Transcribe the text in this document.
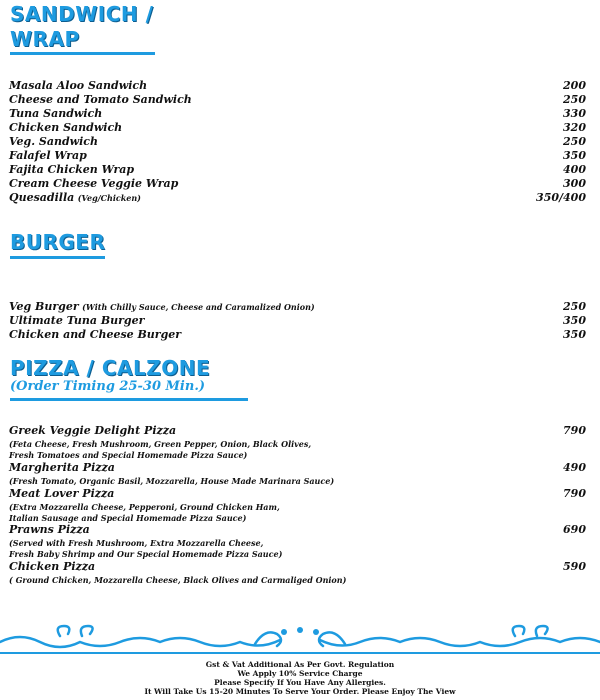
SANDWICH /
WRAP
Masala Aloo Sandwich	200
Cheese and Tomato Sandwich	250
Tuna Sandwich	330
Chicken Sandwich	320
Veg. Sandwich	250
Falafel Wrap	350
Fajita Chicken Wrap	400
Cream Cheese Veggie Wrap	300
Quesadilla (Veg/Chicken)	350/400
BURGER
Veg Burger (With Chilly Sauce, Cheese and Caramalized Onion)	250
Ultimate Tuna Burger	350
Chicken and Cheese Burger	350
PIZZA / CALZONE
(Order Timing 25-30 Min.)
Greek Veggie Delight Pizza	790
(Feta Cheese, Fresh Mushroom, Green Pepper, Onion, Black Olives,
Fresh Tomatoes and Special Homemade Pizza Sauce)
Margherita Pizza	490
(Fresh Tomato, Organic Basil, Mozzarella, House Made Marinara Sauce)
Meat Lover Pizza	790
(Extra Mozzarella Cheese, Pepperoni, Ground Chicken Ham,
Italian Sausage and Special Homemade Pizza Sauce)
Prawns Pizza	690
(Served with Fresh Mushroom, Extra Mozzarella Cheese,
Fresh Baby Shrimp and Our Special Homemade Pizza Sauce)
Chicken Pizza	590
( Ground Chicken, Mozzarella Cheese, Black Olives and Carmaliged Onion)
Gst & Vat Additional As Per Govt. Regulation
We Apply 10% Service Charge
Please Specify If You Have Any Allergies.
It Will Take Us 15-20 Minutes To Serve Your Order. Please Enjoy The View
